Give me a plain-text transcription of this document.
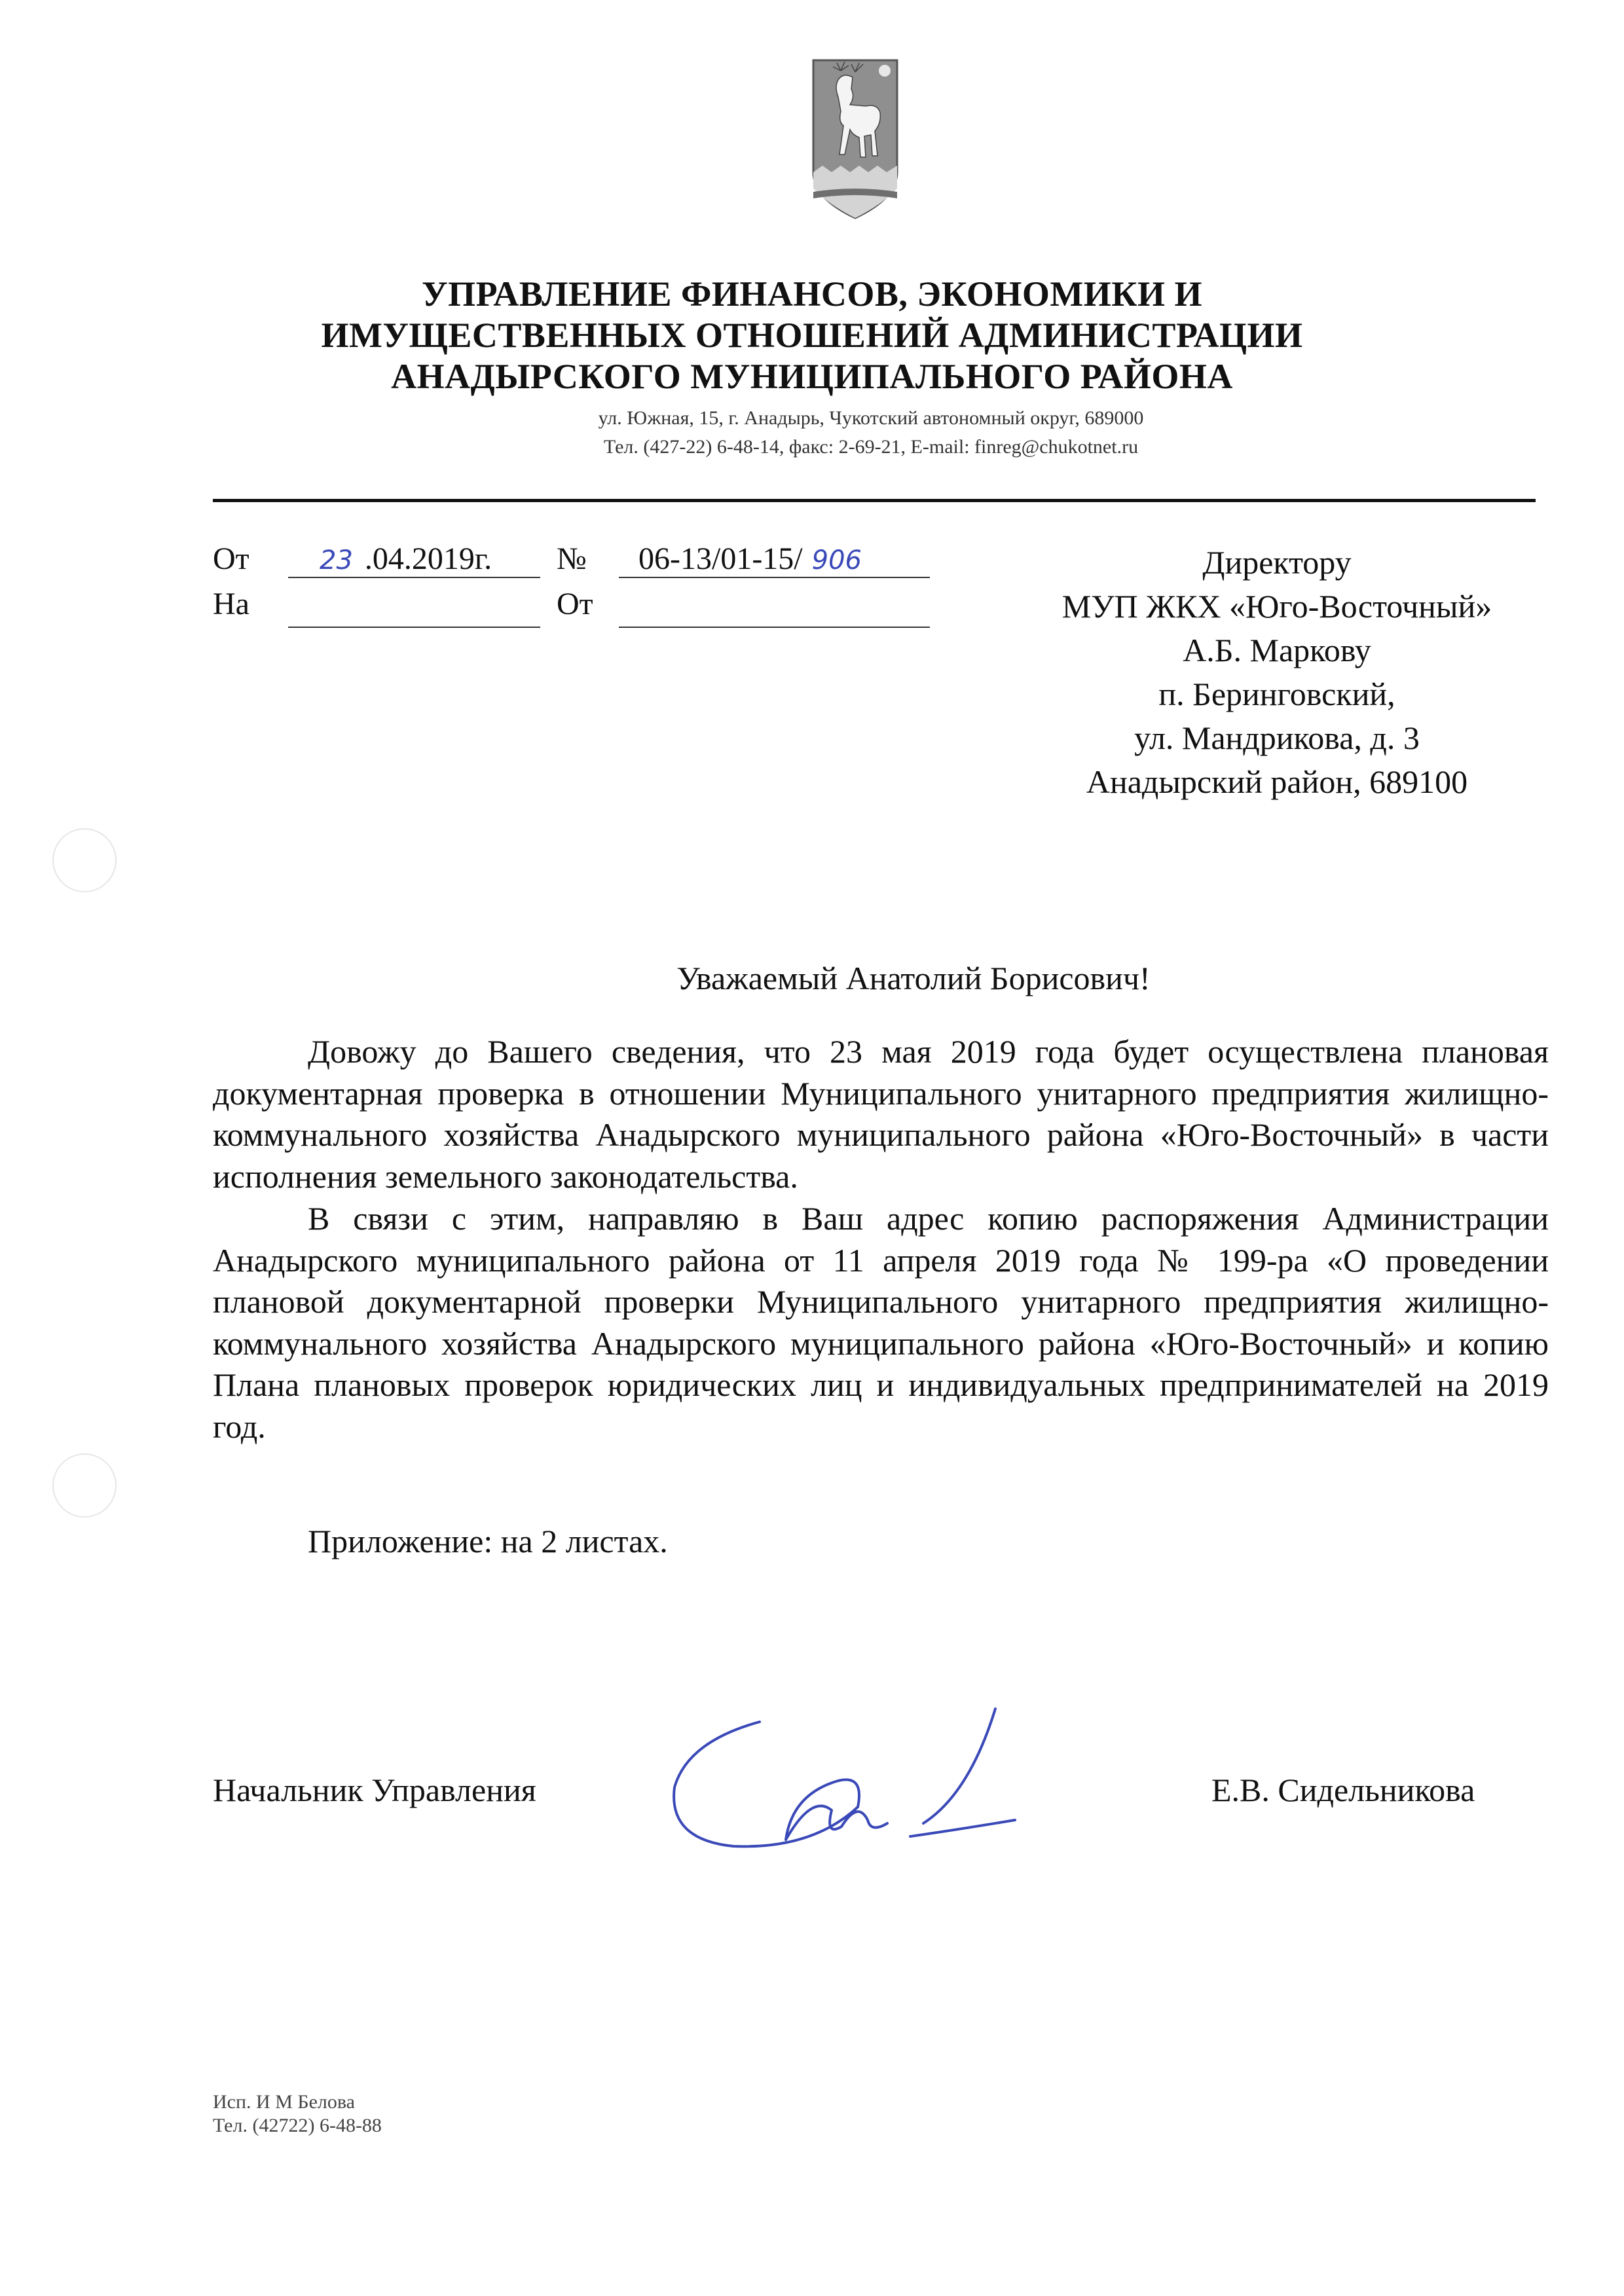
УПРАВЛЕНИЕ ФИНАНСОВ, ЭКОНОМИКИ И
ИМУЩЕСТВЕННЫХ ОТНОШЕНИЙ АДМИНИСТРАЦИИ
АНАДЫРСКОГО МУНИЦИПАЛЬНОГО РАЙОНА
ул. Южная, 15, г. Анадырь, Чукотский автономный округ, 689000
Тел. (427-22) 6-48-14, факс: 2-69-21, E-mail: finreg@chukotnet.ru
От	23 .04.2019г.	№	06-13/01-15/ 906
На	От
Директору
МУП ЖКХ «Юго-Восточный»
А.Б. Маркову
п. Беринговский,
ул. Мандрикова, д. 3
Анадырский район, 689100
Уважаемый Анатолий Борисович!

Довожу до Вашего сведения, что 23 мая 2019 года будет осуществлена плановая документарная проверка в отношении Муниципального унитарного предприятия жилищно-коммунального хозяйства Анадырского муниципального района «Юго-Восточный» в части исполнения земельного законодательства.

В связи с этим, направляю в Ваш адрес копию распоряжения Администрации Анадырского муниципального района от 11 апреля 2019 года № 199-ра «О проведении плановой документарной проверки Муниципального унитарного предприятия жилищно-коммунального хозяйства Анадырского муниципального района «Юго-Восточный» и копию Плана плановых проверок юридических лиц и индивидуальных предпринимателей на 2019 год.

Приложение: на 2 листах.
Начальник Управления	Е.В. Сидельникова
Исп. И М Белова
Тел. (42722) 6-48-88
